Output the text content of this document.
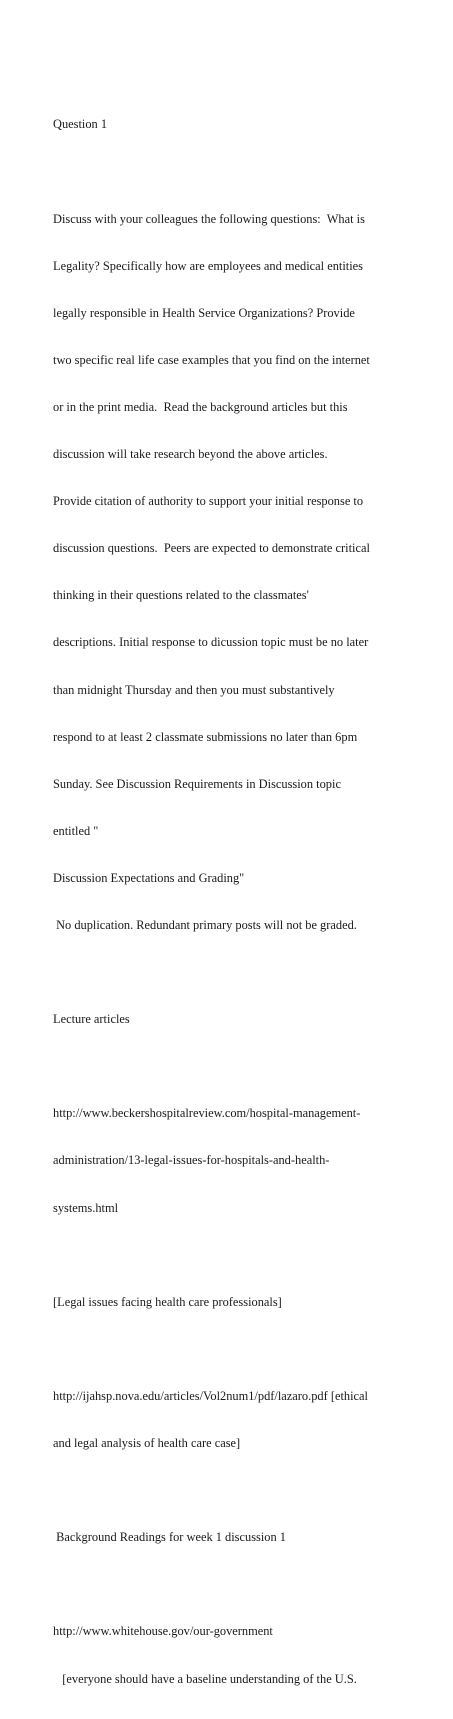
Question 1

Discuss with your colleagues the following questions:  What is

Legality? Specifically how are employees and medical entities

legally responsible in Health Service Organizations? Provide

two specific real life case examples that you find on the internet

or in the print media.  Read the background articles but this

discussion will take research beyond the above articles.

Provide citation of authority to support your initial response to

discussion questions.  Peers are expected to demonstrate critical

thinking in their questions related to the classmates'

descriptions. Initial response to dicussion topic must be no later

than midnight Thursday and then you must substantively

respond to at least 2 classmate submissions no later than 6pm

Sunday. See Discussion Requirements in Discussion topic

entitled "

Discussion Expectations and Grading"

No duplication. Redundant primary posts will not be graded.

Lecture articles

http://www.beckershospitalreview.com/hospital-management-

administration/13-legal-issues-for-hospitals-and-health-

systems.html

[Legal issues facing health care professionals]

http://ijahsp.nova.edu/articles/Vol2num1/pdf/lazaro.pdf [ethical

and legal analysis of health care case]

Background Readings for week 1 discussion 1

http://www.whitehouse.gov/our-government

[everyone should have a baseline understanding of the U.S.
